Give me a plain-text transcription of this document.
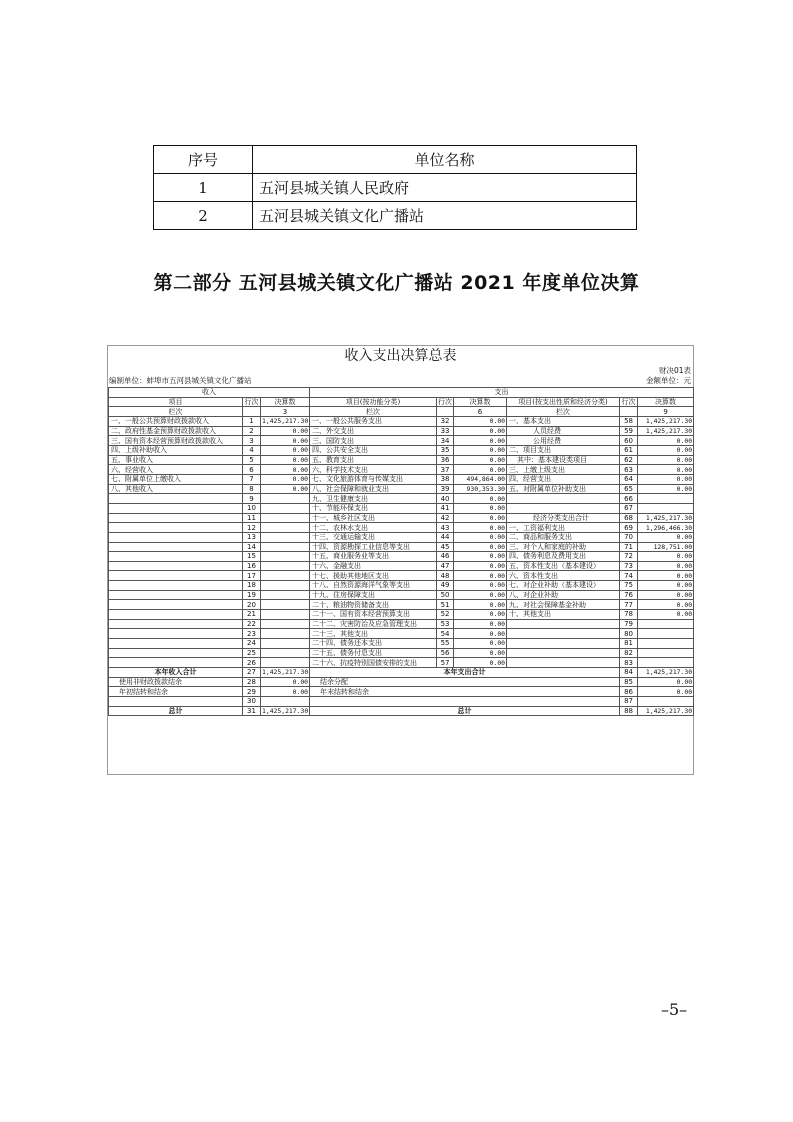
序号	单位名称
1	五河县城关镇人民政府
2	五河县城关镇文化广播站
第二部分 五河县城关镇文化广播站 2021 年度单位决算
收入支出决算总表
财决01表
编制单位：蚌埠市五河县城关镇文化广播站	金额单位：元
收入			支出					
项目	行次	决算数	项目(按功能分类)	行次	决算数	项目(按支出性质和经济分类)	行次	决算数
栏次		3	栏次		6	栏次		9
一、一般公共预算财政拨款收入	1	1,425,217.30	一、一般公共服务支出	32	0.00	一、基本支出	58	1,425,217.30
二、政府性基金预算财政拨款收入	2	0.00	二、外交支出	33	0.00	人员经费	59	1,425,217.30
三、国有资本经营预算财政拨款收入	3	0.00	三、国防支出	34	0.00	公用经费	60	0.00
四、上级补助收入	4	0.00	四、公共安全支出	35	0.00	二、项目支出	61	0.00
五、事业收入	5	0.00	五、教育支出	36	0.00	其中：基本建设类项目	62	0.00
六、经营收入	6	0.00	六、科学技术支出	37	0.00	三、上缴上级支出	63	0.00
七、附属单位上缴收入	7	0.00	七、文化旅游体育与传媒支出	38	494,864.00	四、经营支出	64	0.00
八、其他收入	8	0.00	八、社会保障和就业支出	39	930,353.30	五、对附属单位补助支出	65	0.00
	9		九、卫生健康支出	40	0.00		66	
	10		十、节能环保支出	41	0.00		67	
	11		十一、城乡社区支出	42	0.00	经济分类支出合计	68	1,425,217.30
	12		十二、农林水支出	43	0.00	一、工资福利支出	69	1,296,466.30
	13		十三、交通运输支出	44	0.00	二、商品和服务支出	70	0.00
	14		十四、资源勘探工业信息等支出	45	0.00	三、对个人和家庭的补助	71	128,751.00
	15		十五、商业服务业等支出	46	0.00	四、债务利息及费用支出	72	0.00
	16		十六、金融支出	47	0.00	五、资本性支出（基本建设）	73	0.00
	17		十七、援助其他地区支出	48	0.00	六、资本性支出	74	0.00
	18		十八、自然资源海洋气象等支出	49	0.00	七、对企业补助（基本建设）	75	0.00
	19		十九、住房保障支出	50	0.00	八、对企业补助	76	0.00
	20		二十、粮油物资储备支出	51	0.00	九、对社会保障基金补助	77	0.00
	21		二十一、国有资本经营预算支出	52	0.00	十、其他支出	78	0.00
	22		二十二、灾害防治及应急管理支出	53	0.00		79	
	23		二十三、其他支出	54	0.00		80	
	24		二十四、债务还本支出	55	0.00		81	
	25		二十五、债务付息支出	56	0.00		82	
	26		二十六、抗疫特别国债安排的支出	57	0.00		83	
本年收入合计	27	1,425,217.30	本年支出合计				84	1,425,217.30
使用非财政拨款结余	28	0.00	结余分配				85	0.00
年初结转和结余	29	0.00	年末结转和结余				86	0.00
	30						87	
总计	31	1,425,217.30	总计				88	1,425,217.30
–5–
